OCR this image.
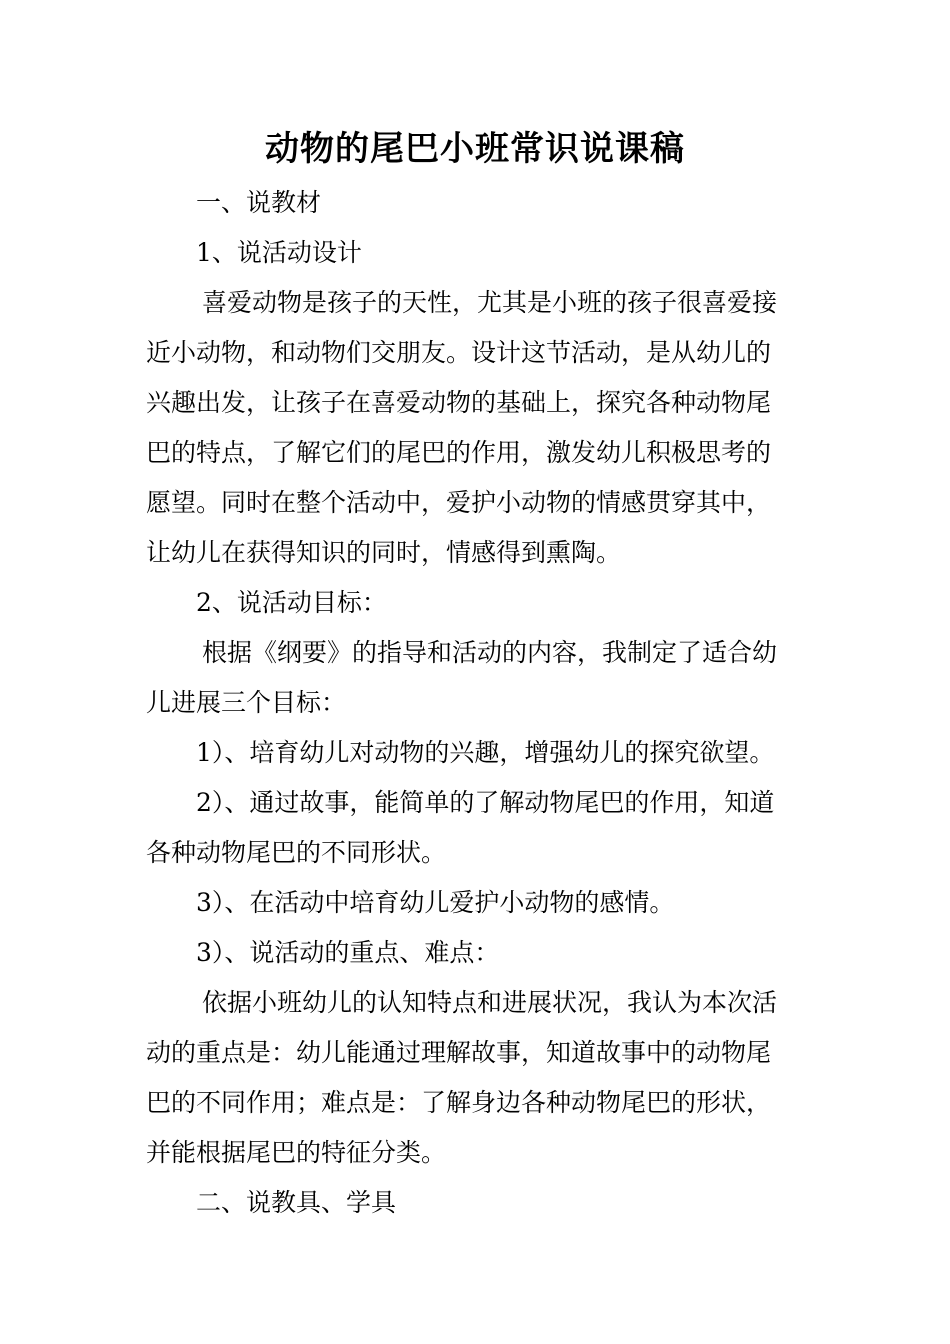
动物的尾巴小班常识说课稿
一、说教材
1、说活动设计
喜爱动物是孩子的天性，尤其是小班的孩子很喜爱接
近小动物，和动物们交朋友。设计这节活动，是从幼儿的
兴趣出发，让孩子在喜爱动物的基础上，探究各种动物尾
巴的特点，了解它们的尾巴的作用，激发幼儿积极思考的
愿望。同时在整个活动中，爱护小动物的情感贯穿其中，
让幼儿在获得知识的同时，情感得到熏陶。
2、说活动目标：
根据《纲要》的指导和活动的内容，我制定了适合幼
儿进展三个目标：
1）、培育幼儿对动物的兴趣，增强幼儿的探究欲望。
2）、通过故事，能简单的了解动物尾巴的作用，知道
各种动物尾巴的不同形状。
3）、在活动中培育幼儿爱护小动物的感情。
3）、说活动的重点、难点：
依据小班幼儿的认知特点和进展状况，我认为本次活
动的重点是：幼儿能通过理解故事，知道故事中的动物尾
巴的不同作用；难点是：了解身边各种动物尾巴的形状，
并能根据尾巴的特征分类。
二、说教具、学具
